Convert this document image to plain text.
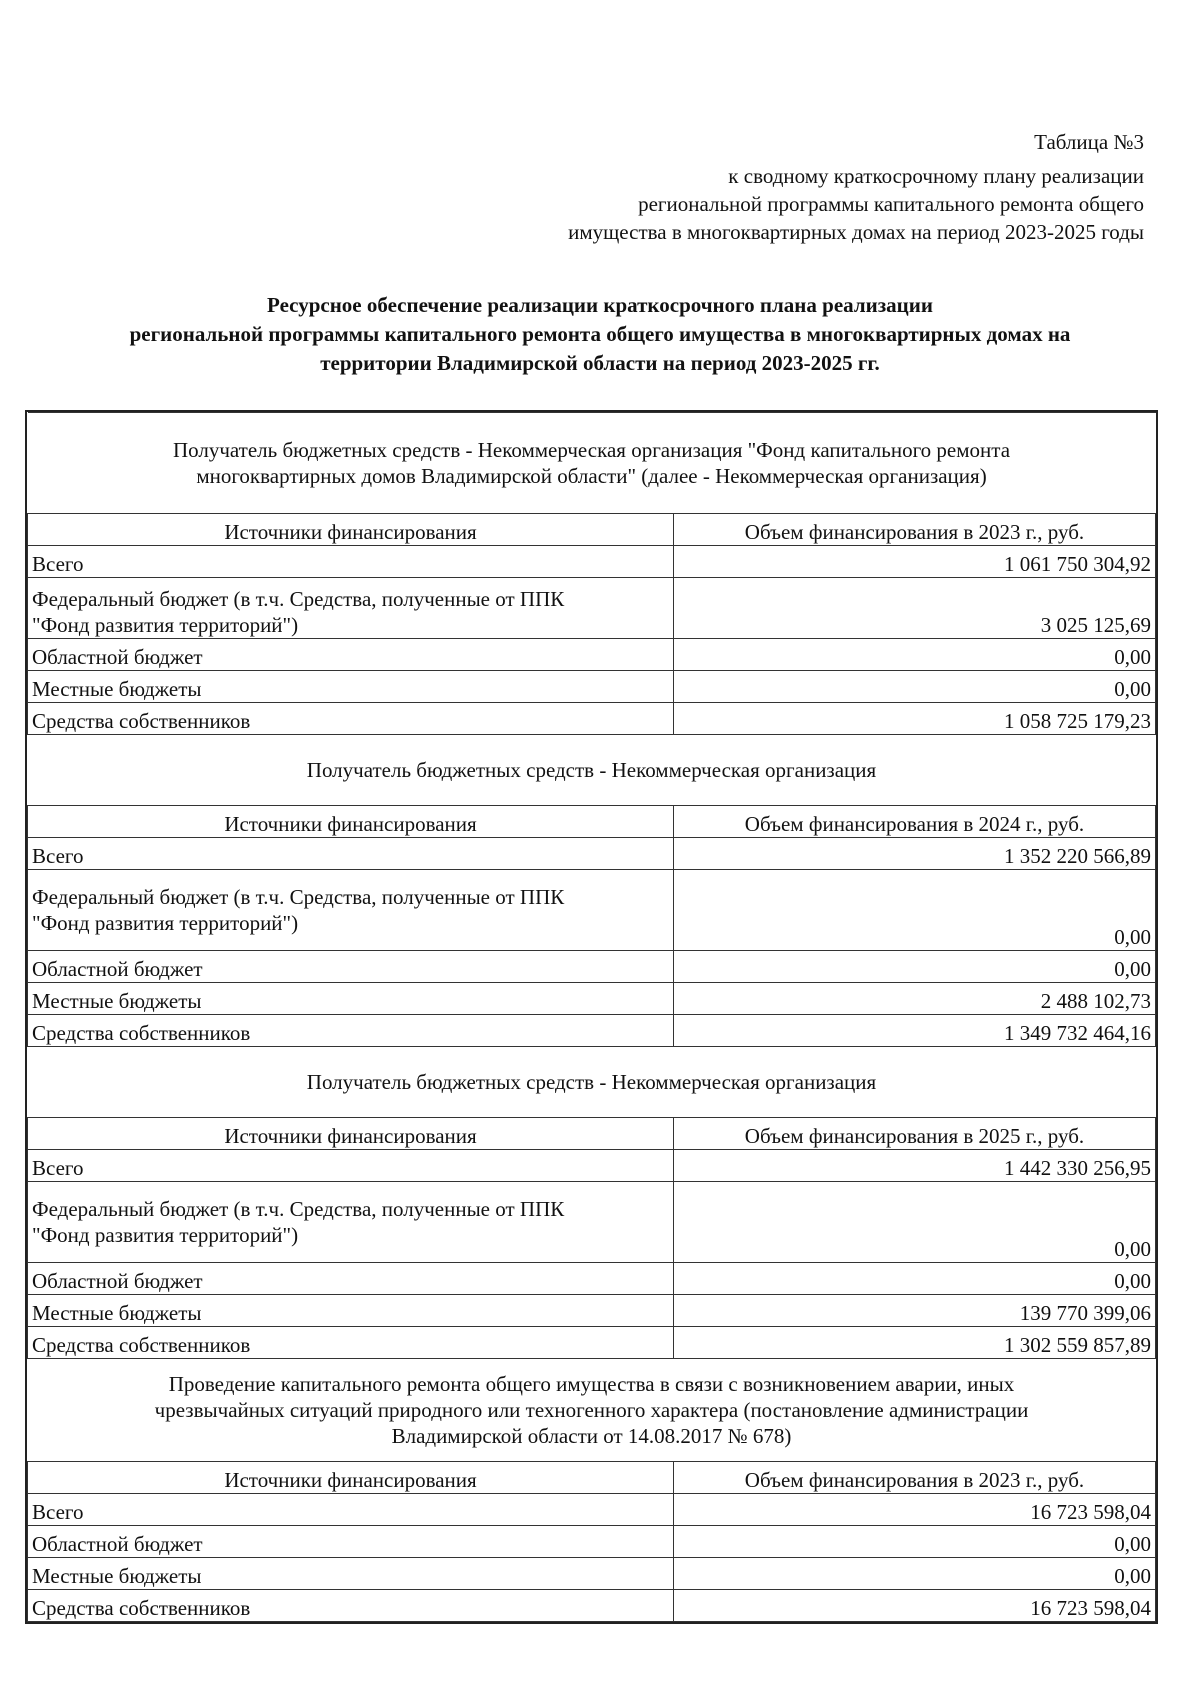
Таблица №3
к сводному краткосрочному плану реализации
региональной программы капитального ремонта общего
имущества в многоквартирных домах на период 2023-2025 годы
Ресурсное обеспечение реализации краткосрочного плана реализации
региональной программы капитального ремонта общего имущества в многоквартирных домах на
территории Владимирской области на период 2023-2025 гг.
Получатель бюджетных средств - Некоммерческая организация "Фонд капитального ремонта
многоквартирных домов Владимирской области" (далее - Некоммерческая организация)	

Источники финансирования	Объем финансирования в 2023 г., руб.
Всего	1 061 750 304,92

Федеральный бюджет (в т.ч. Средства, полученные от ППК
"Фонд развития территорий")	3 025 125,69
Областной бюджет	0,00
Местные бюджеты	0,00
Средства собственников	1 058 725 179,23
Получатель бюджетных средств - Некоммерческая организация	
Источники финансирования	Объем финансирования в 2024 г., руб.
Всего	1 352 220 566,89

Федеральный бюджет (в т.ч. Средства, полученные от ППК
"Фонд развития территорий")	0,00
Областной бюджет	0,00
Местные бюджеты	2 488 102,73
Средства собственников	1 349 732 464,16
Получатель бюджетных средств - Некоммерческая организация	
Источники финансирования	Объем финансирования в 2025 г., руб.
Всего	1 442 330 256,95

Федеральный бюджет (в т.ч. Средства, полученные от ППК
"Фонд развития территорий")	0,00
Областной бюджет	0,00
Местные бюджеты	139 770 399,06
Средства собственников	1 302 559 857,89

Проведение капитального ремонта общего имущества в связи с возникновением аварии, иных
чрезвычайных ситуаций природного или техногенного характера (постановление администрации
Владимирской области от 14.08.2017 № 678)	

Источники финансирования	Объем финансирования в 2023 г., руб.
Всего	16 723 598,04
Областной бюджет	0,00
Местные бюджеты	0,00
Средства собственников	16 723 598,04
